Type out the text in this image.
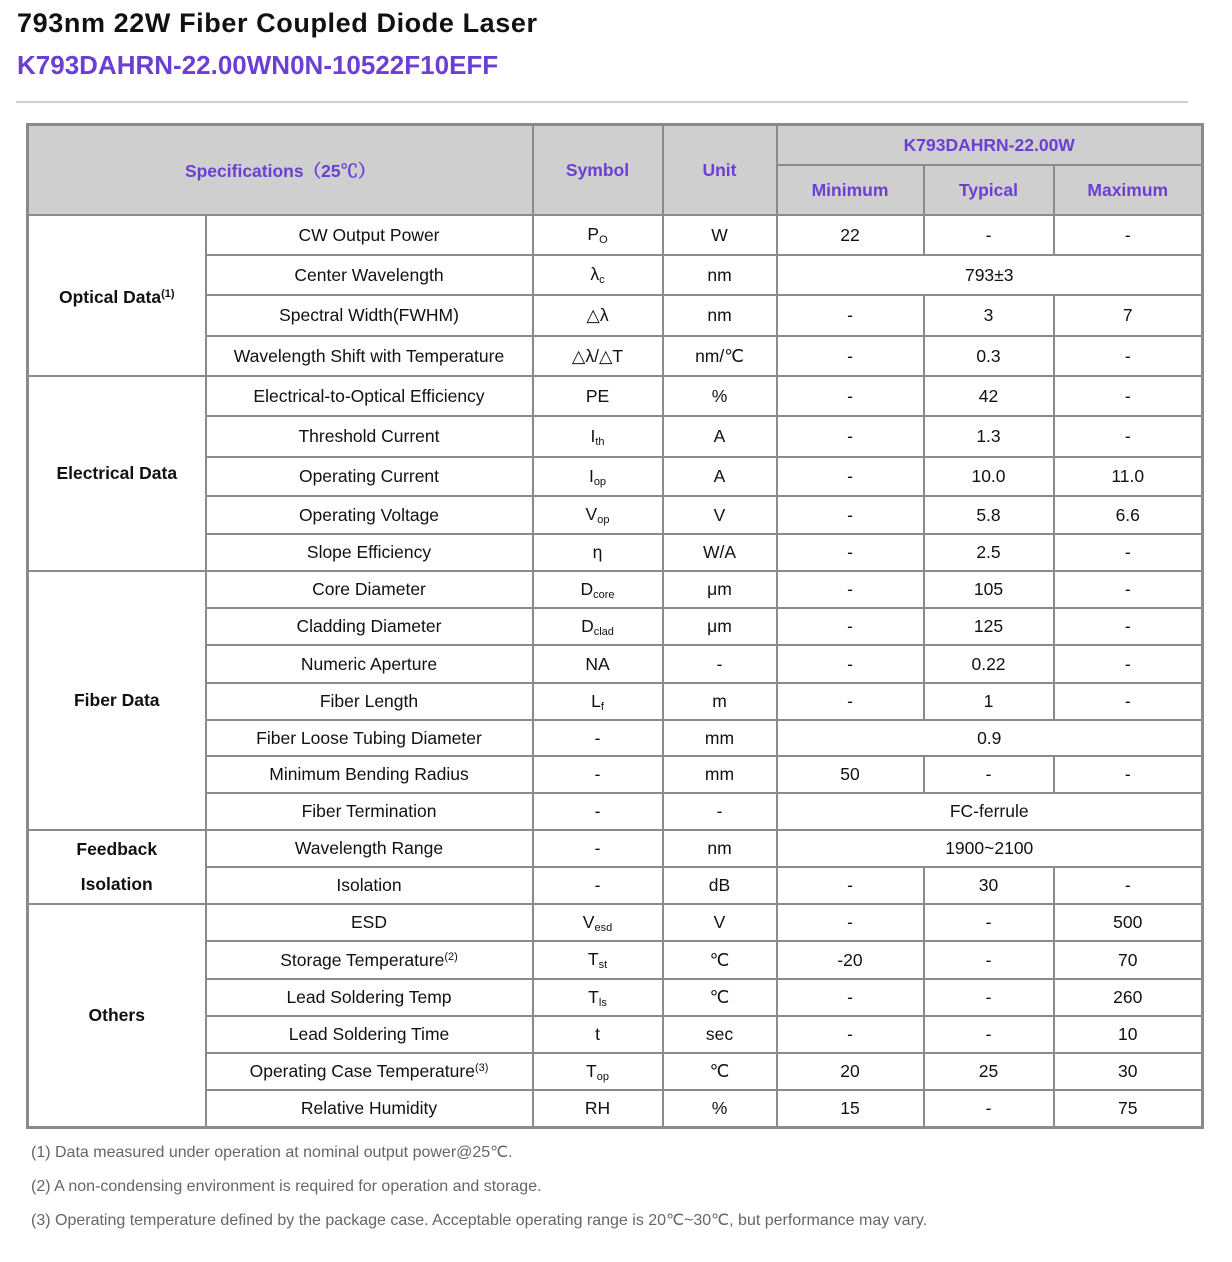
793nm 22W Fiber Coupled Diode Laser
K793DAHRN-22.00WN0N-10522F10EFF
Specifications（25℃）		Symbol	Unit	K793DAHRN-22.00W		
				Minimum	Typical	Maximum
Optical Data$^{(1)}$	CW Output Power	$P_O$	W	22	-	-
	Center Wavelength	$\lambda_c$	nm	793±3		
	Spectral Width(FWHM)	△λ	nm	-	3	7
	Wavelength Shift with Temperature	△λ/△T	nm/℃	-	0.3	-
Electrical Data	Electrical-to-Optical Efficiency	PE	%	-	42	-
	Threshold Current	$I_{th}$	A	-	1.3	-
	Operating Current	$I_{op}$	A	-	10.0	11.0
	Operating Voltage	$V_{op}$	V	-	5.8	6.6
	Slope Efficiency	η	W/A	-	2.5	-
Fiber Data	Core Diameter	$D_{core}$	μm	-	105	-
	Cladding Diameter	$D_{clad}$	μm	-	125	-
	Numeric Aperture	NA	-	-	0.22	-
	Fiber Length	$L_f$	m	-	1	-
	Fiber Loose Tubing Diameter	-	mm	0.9		
	Minimum Bending Radius	-	mm	50	-	-
	Fiber Termination	-	-	FC-ferrule		

Feedback
Isolation	Wavelength Range	-	nm	1900~2100		
	Isolation	-	dB	-	30	-
Others	ESD	$V_{esd}$	V	-	-	500
	Storage Temperature$^{(2)}$	$T_{st}$	℃	-20	-	70
	Lead Soldering Temp	$T_{ls}$	℃	-	-	260
	Lead Soldering Time	t	sec	-	-	10
	Operating Case Temperature$^{(3)}$	$T_{op}$	℃	20	25	30
	Relative Humidity	RH	%	15	-	75
(1) Data measured under operation at nominal output power@25℃.
(2) A non-condensing environment is required for operation and storage.
(3) Operating temperature defined by the package case. Acceptable operating range is 20℃~30℃, but performance may vary.
